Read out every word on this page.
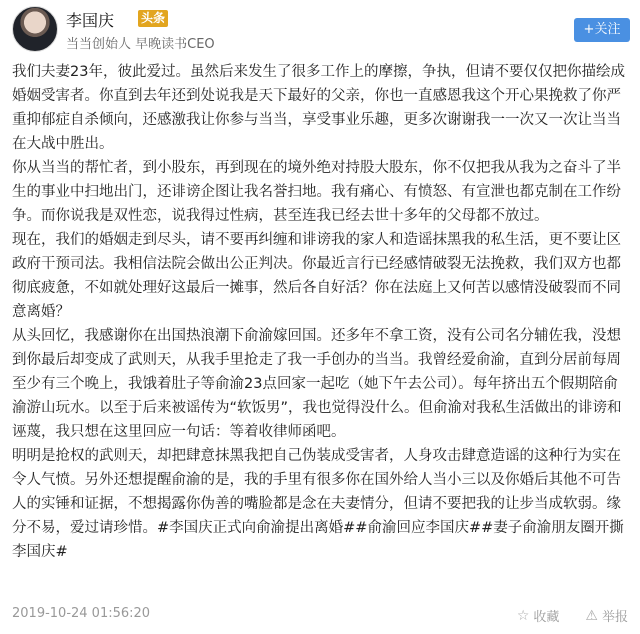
李国庆 头条
当当创始人 早晚读书CEO
+关注

我们夫妻23年，彼此爱过。虽然后来发生了很多工作上的摩擦，争执，但请不要仅仅把你描绘成婚姻受害者。你直到去年还到处说我是天下最好的父亲，你也一直感恩我这个开心果挽救了你严重抑郁症自杀倾向，还感激我让你参与当当，享受事业乐趣，更多次谢谢我一一次又一次让当当在大战中胜出。

你从当当的帮忙者，到小股东，再到现在的境外绝对持股大股东，你不仅把我从我为之奋斗了半生的事业中扫地出门，还诽谤企图让我名誉扫地。我有痛心、有愤怒、有宣泄也都克制在工作纷争。而你说我是双性恋，说我得过性病，甚至连我已经去世十多年的父母都不放过。

现在，我们的婚姻走到尽头，请不要再纠缠和诽谤我的家人和造谣抹黑我的私生活，更不要让区政府干预司法。我相信法院会做出公正判决。你最近言行已经感情破裂无法挽救，我们双方也都彻底疲惫，不如就处理好这最后一摊事，然后各自好活？你在法庭上又何苦以感情没破裂而不同意离婚？

从头回忆，我感谢你在出国热浪潮下俞渝嫁回国。还多年不拿工资，没有公司名分辅佐我，没想到你最后却变成了武则天，从我手里抢走了我一手创办的当当。我曾经爱俞渝，直到分居前每周至少有三个晚上，我饿着肚子等俞渝23点回家一起吃（她下午去公司）。每年挤出五个假期陪俞渝游山玩水。以至于后来被谣传为“软饭男”，我也觉得没什么。但俞渝对我私生活做出的诽谤和诬蔑，我只想在这里回应一句话：等着收律师函吧。

明明是抢权的武则天，却把肆意抹黑我把自己伪装成受害者，人身攻击肆意造谣的这种行为实在令人气愤。另外还想提醒俞渝的是，我的手里有很多你在国外给人当小三以及你婚后其他不可告人的实锤和证据，不想揭露你伪善的嘴脸都是念在夫妻情分，但请不要把我的让步当成软弱。缘分不易，爱过请珍惜。#李国庆正式向俞渝提出离婚##俞渝回应李国庆##妻子俞渝朋友圈开撕李国庆#

2019-10-24 01:56:20	☆ 收藏 ⚠ 举报
